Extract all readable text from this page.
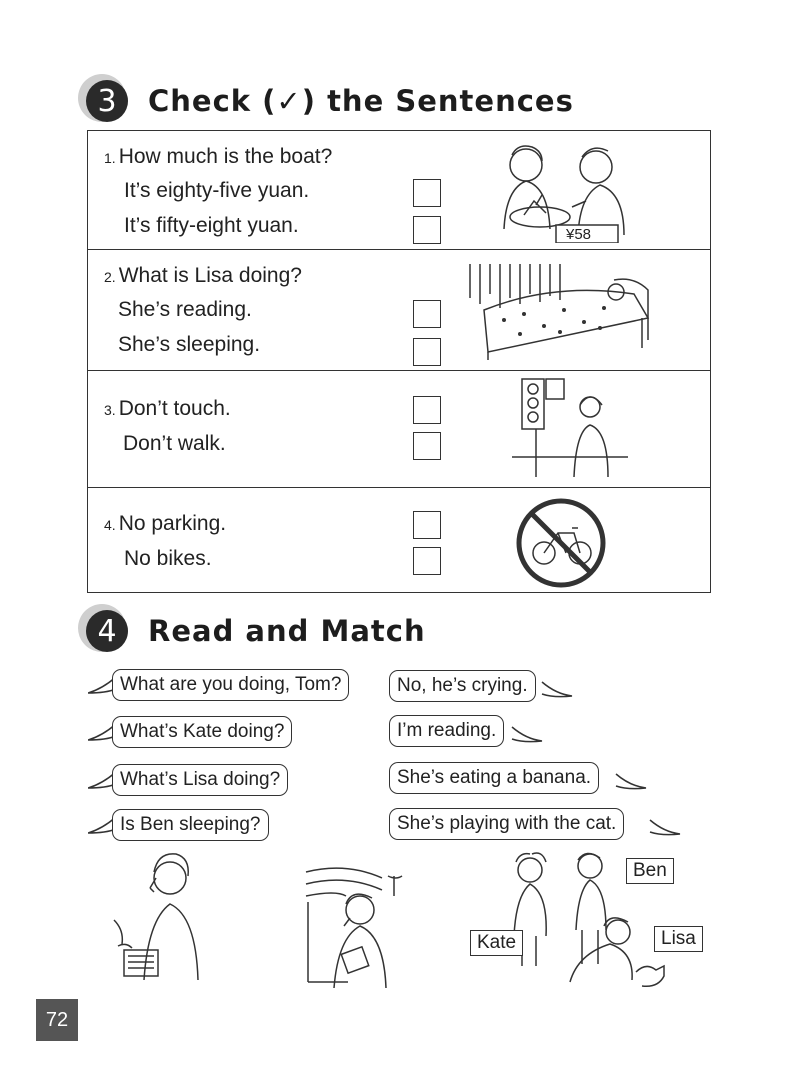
3	Check (✓) the Sentences
1. How much is the boat?
It’s eighty-five yuan.
It’s fifty-eight yuan.	¥58
2. What is Lisa doing?
She’s reading.
She’s sleeping.
3. Don’t touch.
Don’t walk.
4. No parking.
No bikes.
4	Read and Match
What are you doing, Tom?
What’s Kate doing?
What’s Lisa doing?
Is Ben sleeping?
No, he’s crying.
I’m reading.
She’s eating a banana.
She’s playing with the cat.
Ben
Kate	Lisa
72
